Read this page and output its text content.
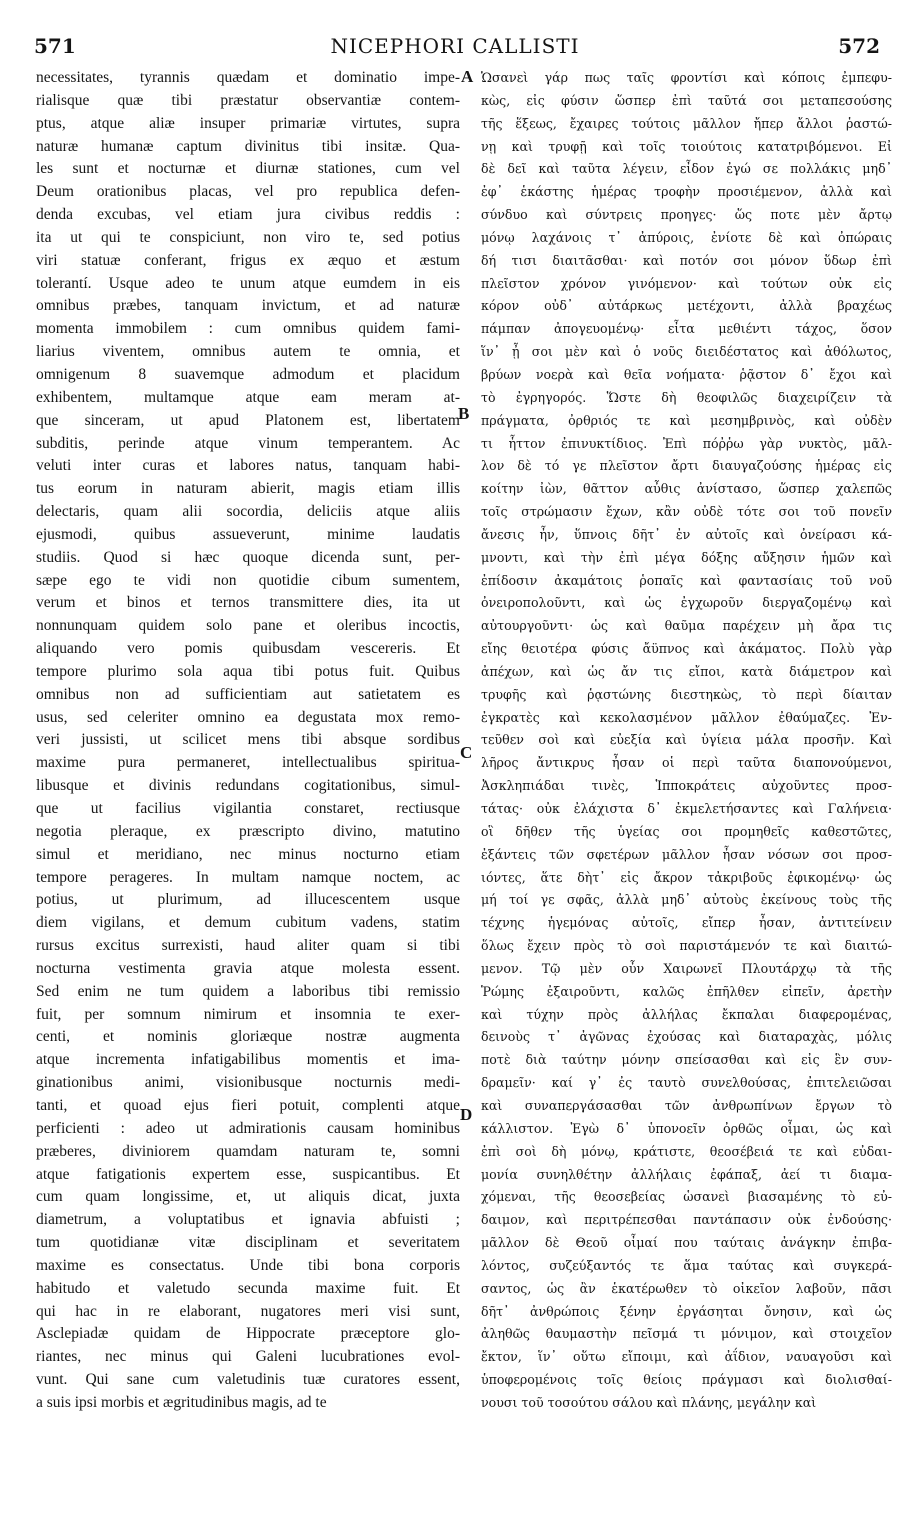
571	NICEPHORI CALLISTI	572
necessitates, tyrannis quædam et dominatio impe-
rialisque quæ tibi præstatur observantiæ contem-
ptus, atque aliæ insuper primariæ virtutes, supra
naturæ humanæ captum divinitus tibi insitæ. Qua-
les sunt et nocturnæ et diurnæ stationes, cum vel
Deum orationibus placas, vel pro republica defen-
denda excubas, vel etiam jura civibus reddis :
ita ut qui te conspiciunt, non viro te, sed potius
viri statuæ conferant, frigus ex æquo et æstum
tolerantí. Usque adeo te unum atque eumdem in eis
omnibus præbes, tanquam invictum, et ad naturæ
momenta immobilem : cum omnibus quidem fami-
liarius viventem, omnibus autem te omnia, et
omnigenum 8 suavemque admodum et placidum
exhibentem, multamque atque eam meram at-
que sinceram, ut apud Platonem est, libertatem
subditis, perinde atque vinum temperantem. Ac
veluti inter curas et labores natus, tanquam habi-
tus eorum in naturam abierit, magis etiam illis
delectaris, quam alii socordia, deliciis atque aliis
ejusmodi, quibus assueverunt, minime laudatis
studiis. Quod si hæc quoque dicenda sunt, per-
sæpe ego te vidi non quotidie cibum sumentem,
verum et binos et ternos transmittere dies, ita ut
nonnunquam quidem solo pane et oleribus incoctis,
aliquando vero pomis quibusdam vescereris. Et
tempore plurimo sola aqua tibi potus fuit. Quibus
omnibus non ad sufficientiam aut satietatem es
usus, sed celeriter omnino ea degustata mox remo-
veri jussisti, ut scilicet mens tibi absque sordibus
maxime pura permaneret, intellectualibus spiritua-
libusque et divinis redundans cogitationibus, simul-
que ut facilius vigilantia constaret, rectiusque
negotia pleraque, ex præscripto divino, matutino
simul et meridiano, nec minus nocturno etiam
tempore perageres. In multam namque noctem, ac
potius, ut plurimum, ad illucescentem usque
diem vigilans, et demum cubitum vadens, statim
rursus excitus surrexisti, haud aliter quam si tibi
nocturna vestimenta gravia atque molesta essent.
Sed enim ne tum quidem a laboribus tibi remissio
fuit, per somnum nimirum et insomnia te exer-
centi, et nominis gloriæque nostræ augmenta
atque incrementa infatigabilibus momentis et ima-
ginationibus animi, visionibusque nocturnis medi-
tanti, et quoad ejus fieri potuit, complenti atque
perficienti : adeo ut admirationis causam hominibus
præberes, diviniorem quamdam naturam te, somni
atque fatigationis expertem esse, suspicantibus. Et
cum quam longissime, et, ut aliquis dicat, juxta
diametrum, a voluptatibus et ignavia abfuisti ;
tum quotidianæ vitæ disciplinam et severitatem
maxime es consectatus. Unde tibi bona corporis
habitudo et valetudo secunda maxime fuit. Et
qui hac in re elaborant, nugatores meri visi sunt,
Asclepiadæ quidam de Hippocrate præceptore glo-
riantes, nec minus qui Galeni lucubrationes evol-
vunt. Qui sane cum valetudinis tuæ curatores essent,
a suis ipsi morbis et ægritudinibus magis, ad te
A
B
C
D
Ὡσανεὶ γάρ πως ταῖς φροντίσι καὶ κόποις ἐμπεφυ-
κὼς, εἰς φύσιν ὥσπερ ἐπὶ ταῦτά σοι μεταπεσούσης
τῆς ἕξεως, ἔχαιρες τούτοις μᾶλλον ἤπερ ἄλλοι ῥαστώ-
νῃ καὶ τρυφῇ καὶ τοῖς τοιούτοις κατατριβόμενοι. Εἰ
δὲ δεῖ καὶ ταῦτα λέγειν, εἶδον ἐγώ σε πολλάκις μηδ᾽
ἐφ᾽ ἑκάστης ἡμέρας τροφὴν προσιέμενον, ἀλλὰ καὶ
σύνδυο καὶ σύντρεις προηγες· ὥς ποτε μὲν ἄρτῳ
μόνῳ λαχάνοις τ᾽ ἀπύροις, ἐνίοτε δὲ καὶ ὀπώραις
δή τισι διαιτᾶσθαι· καὶ ποτόν σοι μόνον ὕδωρ ἐπὶ
πλεῖστον χρόνον γινόμενον· καὶ τούτων οὐκ εἰς
κόρον οὐδ᾽ αὐτάρκως μετέχοντι, ἀλλὰ βραχέως
πάμπαν ἀπογευομένῳ· εἶτα μεθιέντι τάχος, ὅσον
ἵν᾽ ᾖ σοι μὲν καὶ ὁ νοῦς διειδέστατος καὶ ἀθόλωτος,
βρύων νοερὰ καὶ θεῖα νοήματα· ῥᾷστον δ᾽ ἔχοι καὶ
τὸ ἐγρηγορός. Ὥστε δὴ θεοφιλῶς διαχειρίζειν τὰ
πράγματα, ὀρθριός τε καὶ μεσημβρινὸς, καὶ οὐδὲν
τι ἧττον ἐπινυκτίδιος. Ἐπὶ πόῤῥω γὰρ νυκτὸς, μᾶλ-
λον δὲ τό γε πλεῖστον ἄρτι διαυγαζούσης ἡμέρας εἰς
κοίτην ἰὼν, θᾶττον αὖθις ἀνίστασο, ὥσπερ χαλεπῶς
τοῖς στρώμασιν ἔχων, κἂν οὐδὲ τότε σοι τοῦ πονεῖν
ἄνεσις ἦν, ὕπνοις δῆτ᾽ ἐν αὐτοῖς καὶ ὀνείρασι κά-
μνοντι, καὶ τὴν ἐπὶ μέγα δόξης αὔξησιν ἡμῶν καὶ
ἐπίδοσιν ἀκαμάτοις ῥοπαῖς καὶ φαντασίαις τοῦ νοῦ
ὀνειροπολοῦντι, καὶ ὡς ἐγχωροῦν διεργαζομένῳ καὶ
αὐτουργοῦντι· ὡς καὶ θαῦμα παρέχειν μὴ ἄρα τις
εἴης θειοτέρα φύσις ἄϋπνος καὶ ἀκάματος. Πολὺ γὰρ
ἀπέχων, καὶ ὡς ἄν τις εἴποι, κατὰ διάμετρον καὶ
τρυφῆς καὶ ῥᾳστώνης διεστηκὼς, τὸ περὶ δίαιταν
ἐγκρατὲς καὶ κεκολασμένον μᾶλλον ἐθαύμαζες. Ἐν-
τεῦθεν σοὶ καὶ εὐεξία καὶ ὑγίεια μάλα προσῆν. Καὶ
λῆρος ἄντικρυς ἦσαν οἱ περὶ ταῦτα διαπονούμενοι,
Ἀσκληπιάδαι τινὲς, Ἱπποκράτεις αὐχοῦντες προσ-
τάτας· οὐκ ἐλάχιστα δ᾽ ἐκμελετήσαντες καὶ Γαλήνεια·
οἳ δῆθεν τῆς ὑγείας σοι προμηθεῖς καθεστῶτες,
ἐξάντεις τῶν σφετέρων μᾶλλον ἦσαν νόσων σοι προσ-
ιόντες, ἅτε δὴτ᾽ εἰς ἄκρον τἀκριβοῦς ἐφικομένῳ· ὡς
μή τοί γε σφᾶς, ἀλλὰ μηδ᾽ αὐτοὺς ἐκείνους τοὺς τῆς
τέχνης ἡγεμόνας αὐτοῖς, εἴπερ ἦσαν, ἀντιτείνειν
ὅλως ἔχειν πρὸς τὸ σοὶ παριστάμενόν τε καὶ διαιτώ-
μενον. Τῷ μὲν οὖν Χαιρωνεῖ Πλουτάρχῳ τὰ τῆς
Ῥώμης ἐξαιροῦντι, καλῶς ἐπῆλθεν εἰπεῖν, ἀρετὴν
καὶ τύχην πρὸς ἀλλήλας ἔκπαλαι διαφερομένας,
δεινοὺς τ᾽ ἀγῶνας ἐχούσας καὶ διαταραχὰς, μόλις
ποτὲ διὰ ταύτην μόνην σπείσασθαι καὶ εἰς ἓν συν-
δραμεῖν· καί γ᾽ ἐς ταυτὸ συνελθούσας, ἐπιτελειῶσαι
καὶ συναπεργάσασθαι τῶν ἀνθρωπίνων ἔργων τὸ
κάλλιστον. Ἐγὼ δ᾽ ὑπονοεῖν ὀρθῶς οἶμαι, ὡς καὶ
ἐπὶ σοὶ δὴ μόνῳ, κράτιστε, θεοσέβειά τε καὶ εὐδαι-
μονία συνηλθέτην ἀλλήλαις ἐφάπαξ, ἀεί τι διαμα-
χόμεναι, τῆς θεοσεβείας ὡσανεὶ βιασαμένης τὸ εὐ-
δαιμον, καὶ περιτρέπεσθαι παντάπασιν οὐκ ἐνδούσης·
μᾶλλον δὲ Θεοῦ οἶμαί που ταύταις ἀνάγκην ἐπιβα-
λόντος, συζεύξαντός τε ἅμα ταύτας καὶ συγκερά-
σαντος, ὡς ἂν ἑκατέρωθεν τὸ οἰκεῖον λαβοῦν, πᾶσι
δῆτ᾽ ἀνθρώποις ξένην ἐργάσηται ὄνησιν, καὶ ὡς
ἀληθῶς θαυμαστὴν πεῖσμά τι μόνιμον, καὶ στοιχεῖον
ἔκτον, ἵν᾽ οὕτω εἴποιμι, καὶ ἀΐδιον, ναυαγοῦσι καὶ
ὑποφερομένοις τοῖς θείοις πράγμασι καὶ διολισθαί-
νουσι τοῦ τοσούτου σάλου καὶ πλάνης, μεγάλην καὶ
